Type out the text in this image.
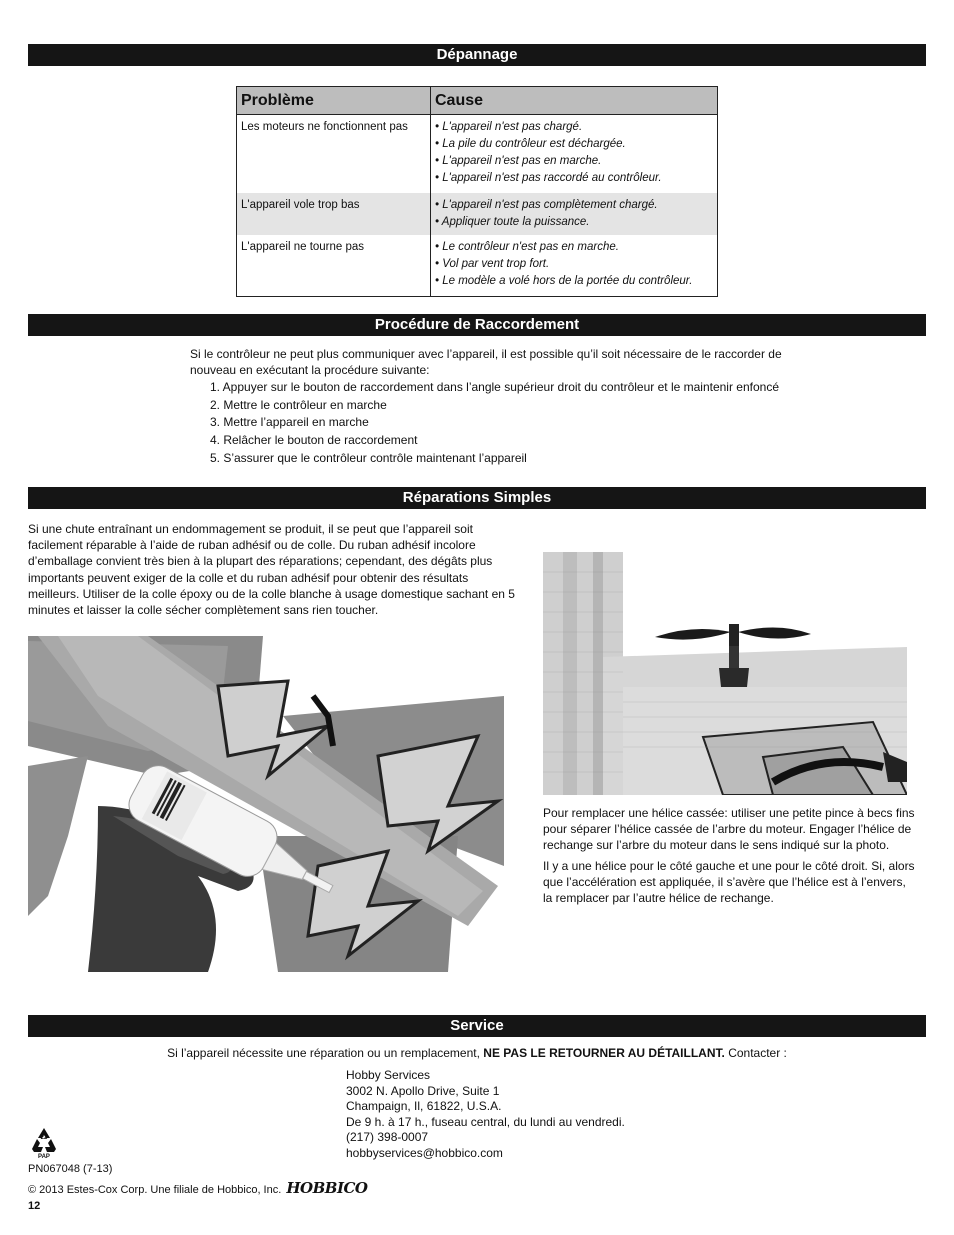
Dépannage
Problème	Cause
Les moteurs ne fonctionnent pas	• L'appareil n'est pas chargé.
• La pile du contrôleur est déchargée.
• L'appareil n'est pas en marche.
• L'appareil n'est pas raccordé au contrôleur.

L'appareil vole trop bas	• L'appareil n'est pas complètement chargé.
• Appliquer toute la puissance.

L'appareil ne tourne pas	• Le contrôleur n'est pas en marche.
• Vol par vent trop fort.
• Le modèle a volé hors de la portée du contrôleur.
Procédure de Raccordement
Si le contrôleur ne peut plus communiquer avec l’appareil, il est possible qu’il soit nécessaire de le raccorder de
nouveau en exécutant la procédure suivante:
1. Appuyer sur le bouton de raccordement dans l’angle supérieur droit du contrôleur et le maintenir enfoncé
2. Mettre le contrôleur en marche
3. Mettre l’appareil en marche
4. Relâcher le bouton de raccordement
5. S’assurer que le contrôleur contrôle maintenant l’appareil
Réparations Simples
Si une chute entraînant un endommagement se produit, il se peut que l’appareil soit
facilement réparable à l’aide de ruban adhésif ou de colle. Du ruban adhésif incolore
d’emballage convient très bien à la plupart des réparations; cependant, des dégâts plus
importants peuvent exiger de la colle et du ruban adhésif pour obtenir des résultats
meilleurs. Utiliser de la colle époxy ou de la colle blanche à usage domestique sachant en 5
minutes et laisser la colle sécher complètement sans rien toucher.
Pour remplacer une hélice cassée: utiliser une petite pince à becs fins
pour séparer l’hélice cassée de l’arbre du moteur. Engager l’hélice de
rechange sur l’arbre du moteur dans le sens indiqué sur la photo.
Il y a une hélice pour le côté gauche et une pour le côté droit. Si, alors
que l’accélération est appliquée, il s’avère que l’hélice est à l’envers,
la remplacer par l’autre hélice de rechange.
Service
Si l’appareil nécessite une réparation ou un remplacement, NE PAS LE RETOURNER AU DÉTAILLANT. Contacter :
Hobby Services
3002 N. Apollo Drive, Suite 1
Champaign, Il, 61822, U.S.A.
De 9 h. à 17 h., fuseau central, du lundi au vendredi.
(217) 398-0007
hobbyservices@hobbico.com
22
PAP
PN067048 (7-13)
© 2013 Estes-Cox Corp. Une filiale de Hobbico, Inc. HOBBICO
12
